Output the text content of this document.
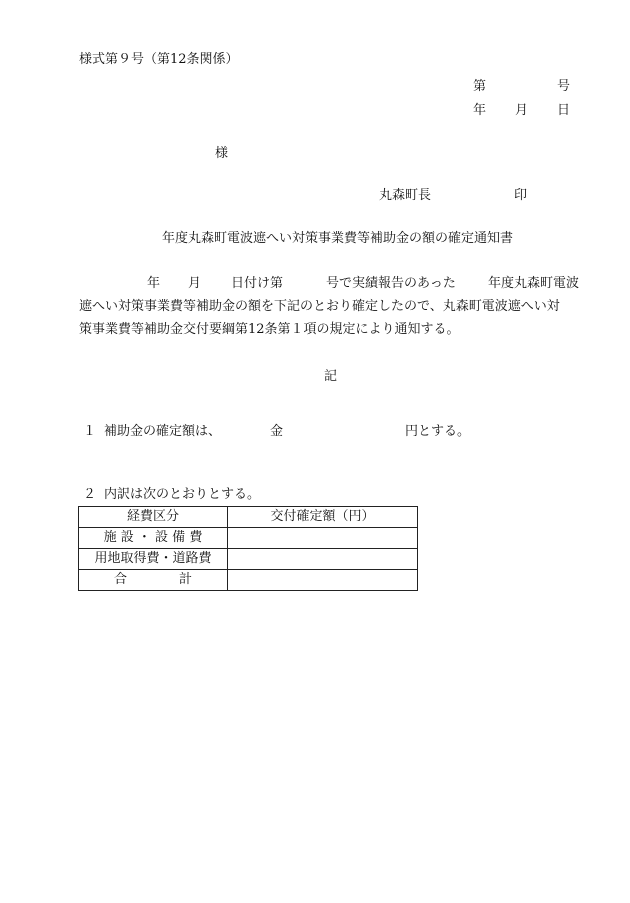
様式第９号（第12条関係）
第	号
年 月 日
様
丸森町長	印
年度丸森町電波遮へい対策事業費等補助金の額の確定通知書
年 月 日付け第	号で実績報告のあった 年度丸森町電波
遮へい対策事業費等補助金の額を下記のとおり確定したので、丸森町電波遮へい対
策事業費等補助金交付要綱第12条第１項の規定により通知する。
記
１ 補助金の確定額は、	金	円とする。
２ 内訳は次のとおりとする。
経費区分	交付確定額（円）
施 設 ・ 設 備 費	
用地取得費・道路費	
合　　　　計	
